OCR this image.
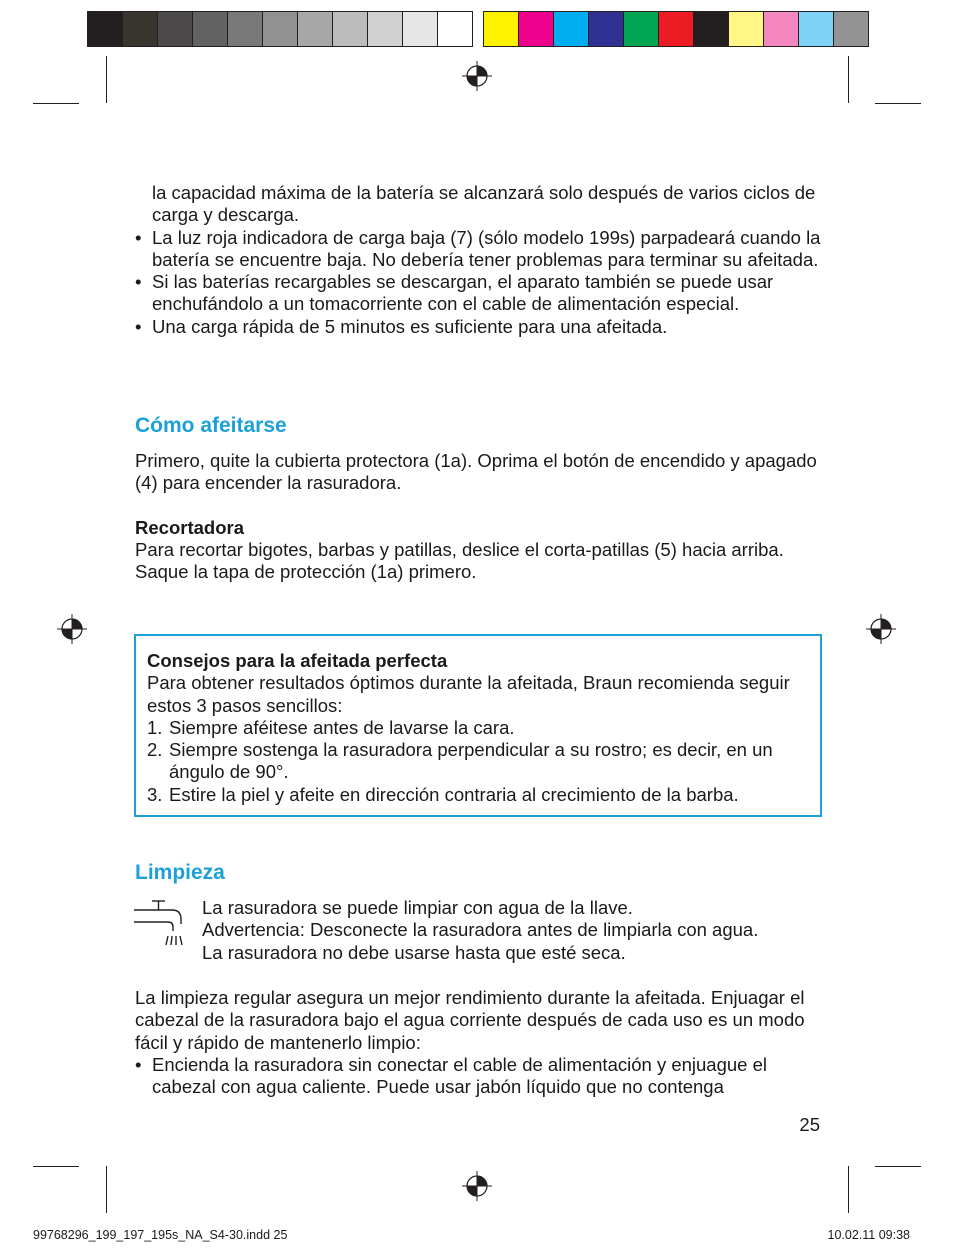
la capacidad máxima de la batería se alcanzará solo después de varios ciclos de carga y descarga.
• La luz roja indicadora de carga baja (7) (sólo modelo 199s) parpadeará cuando la batería se encuentre baja. No debería tener problemas para terminar su afeitada.
• Si las baterías recargables se descargan, el aparato también se puede usar enchufándolo a un tomacorriente con el cable de alimentación especial.
• Una carga rápida de 5 minutos es suficiente para una afeitada.
Cómo afeitarse
Primero, quite la cubierta protectora (1a). Oprima el botón de encendido y apagado (4) para encender la rasuradora.
Recortadora
Para recortar bigotes, barbas y patillas, deslice el corta-patillas (5) hacia arriba.
Saque la tapa de protección (1a) primero.
Consejos para la afeitada perfecta
Para obtener resultados óptimos durante la afeitada, Braun recomienda seguir estos 3 pasos sencillos:
1. Siempre aféitese antes de lavarse la cara.
2. Siempre sostenga la rasuradora perpendicular a su rostro; es decir, en un ángulo de 90°.
3. Estire la piel y afeite en dirección contraria al crecimiento de la barba.
Limpieza
La rasuradora se puede limpiar con agua de la llave.
Advertencia: Desconecte la rasuradora antes de limpiarla con agua.
La rasuradora no debe usarse hasta que esté seca.
La limpieza regular asegura un mejor rendimiento durante la afeitada. Enjuagar el cabezal de la rasuradora bajo el agua corriente después de cada uso es un modo fácil y rápido de mantenerlo limpio:
• Encienda la rasuradora sin conectar el cable de alimentación y enjuague el cabezal con agua caliente. Puede usar jabón líquido que no contenga
25
99768296_199_197_195s_NA_S4-30.indd 25	10.02.11 09:38
